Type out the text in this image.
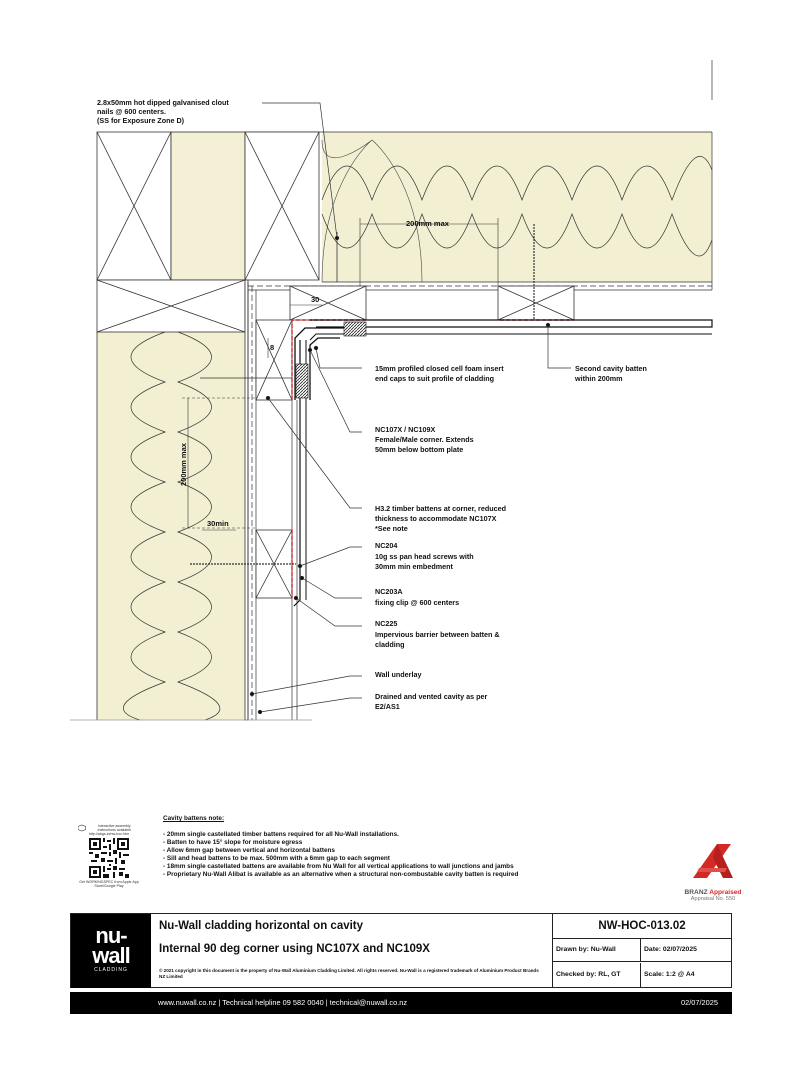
200mm max
30
8
200mm max
30min
2.8x50mm hot dipped galvanised clout
nails @ 600 centers.
(SS for Exposure Zone D)
15mm profiled closed cell foam insert
end caps to suit profile of cladding
Second cavity batten
within 200mm
NC107X / NC109X
Female/Male corner. Extends
50mm below bottom plate
H3.2 timber battens at corner, reduced
thickness to accommodate NC107X
*See note
NC204
10g ss pan head screws with
30mm min embedment
NC203A
fixing clip @ 600 centers
NC225
Impervious barrier between batten &
cladding
Wall underlay
Drained and vented cavity as per
E2/AS1
Cavity battens note:
- 20mm single castellated timber battens required for all Nu-Wall installations.
- Batten to have 15° slope for moisture egress
- Allow 6mm gap between vertical and horizontal battens
- Sill and head battens to be max. 500mm with a 6mm gap to each segment
- 18mm single castellated battens are available from Nu Wall for all vertical applications to wall junctions and jambs
- Proprietary Nu-Wall Alibat is available as an alternative when a structural non-combustable cavity batten is required
interactive assembly instructions available
http://abgs.io/nw-hoc.htm
Get WORKINGSPEC from Apple App Store/Google Play
BRANZ Appraised
Appraisal No. 550
nu-
wall
CLADDING
Nu-Wall cladding horizontal on cavity
Internal 90 deg corner using NC107X and NC109X
© 2021 copyright in this document is the property of Nu-Wall Aluminium Cladding Limited. All rights reserved. Nu-Wall is a registered trademark of Aluminium Product Brands NZ Limited
NW-HOC-013.02
Drawn by: Nu-Wall	Date: 02/07/2025
Checked by: RL, GT	Scale: 1:2 @ A4
www.nuwall.co.nz | Technical helpline 09 582 0040 | technical@nuwall.co.nz	02/07/2025
